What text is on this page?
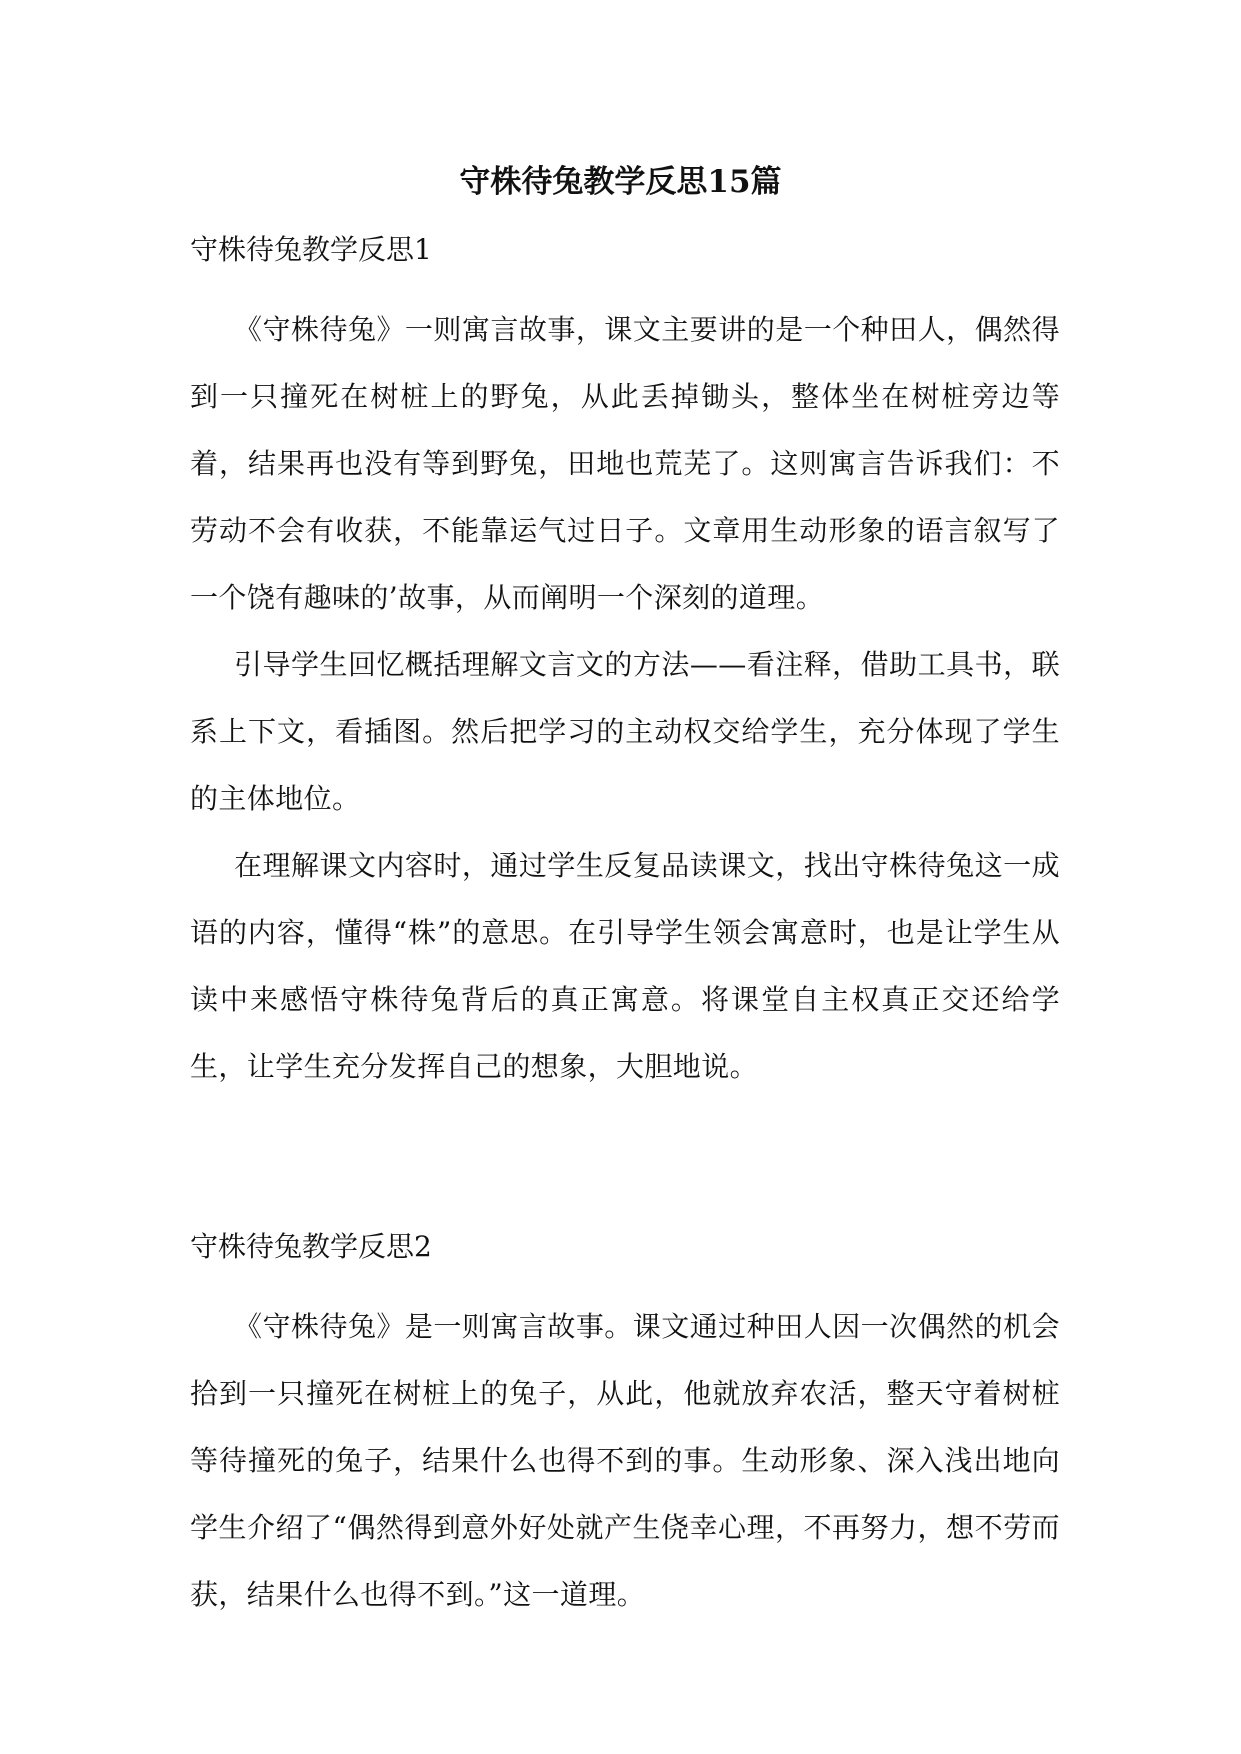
守株待兔教学反思15篇
守株待兔教学反思1

《守株待兔》一则寓言故事，课文主要讲的是一个种田人，偶然得到一只撞死在树桩上的野兔，从此丢掉锄头，整体坐在树桩旁边等着，结果再也没有等到野兔，田地也荒芜了。这则寓言告诉我们：不劳动不会有收获，不能靠运气过日子。文章用生动形象的语言叙写了一个饶有趣味的’故事，从而阐明一个深刻的道理。

引导学生回忆概括理解文言文的方法——看注释，借助工具书，联系上下文，看插图。然后把学习的主动权交给学生，充分体现了学生的主体地位。

在理解课文内容时，通过学生反复品读课文，找出守株待兔这一成语的内容，懂得“株”的意思。在引导学生领会寓意时，也是让学生从读中来感悟守株待兔背后的真正寓意。将课堂自主权真正交还给学生，让学生充分发挥自己的想象，大胆地说。

守株待兔教学反思2

《守株待兔》是一则寓言故事。课文通过种田人因一次偶然的机会拾到一只撞死在树桩上的兔子，从此，他就放弃农活，整天守着树桩等待撞死的兔子，结果什么也得不到的事。生动形象、深入浅出地向学生介绍了“偶然得到意外好处就产生侥幸心理，不再努力，想不劳而获，结果什么也得不到。”这一道理。
